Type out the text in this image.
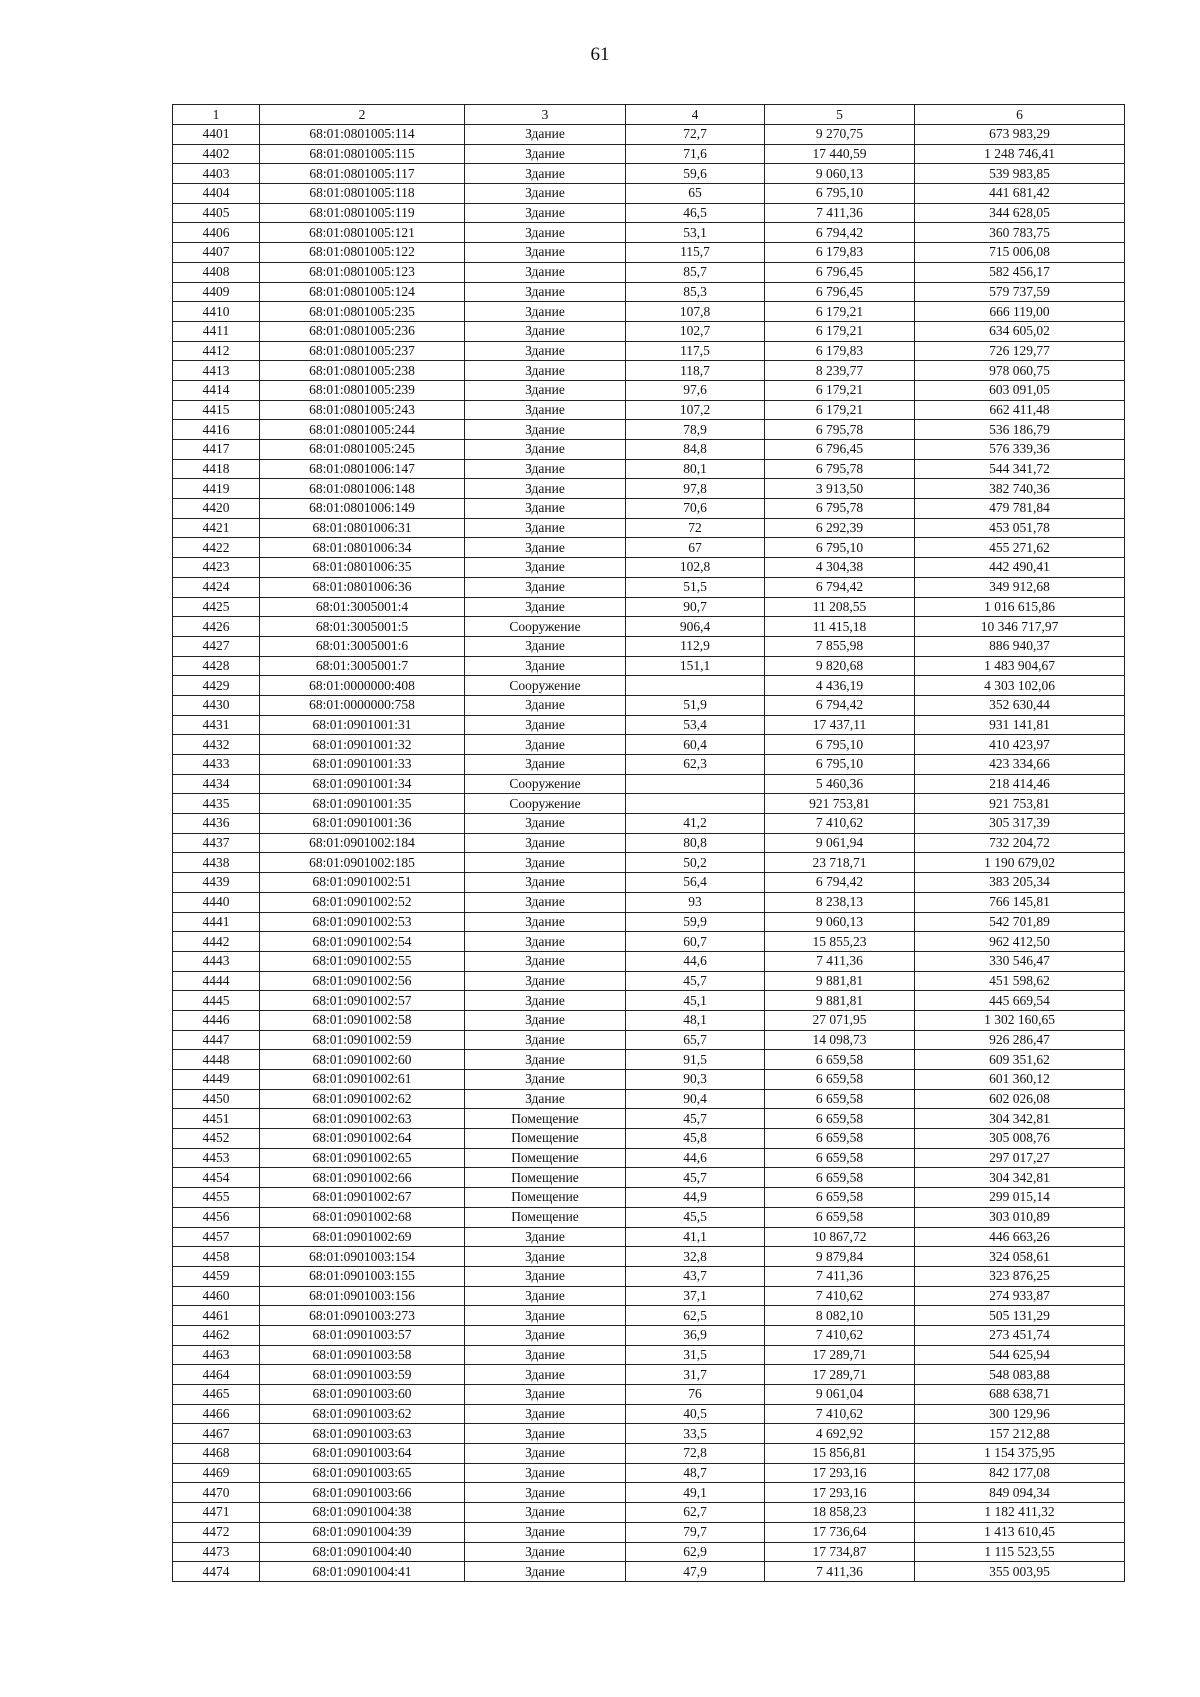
61
1	2	3	4	5	6
4401	68:01:0801005:114	Здание	72,7	9 270,75	673 983,29
4402	68:01:0801005:115	Здание	71,6	17 440,59	1 248 746,41
4403	68:01:0801005:117	Здание	59,6	9 060,13	539 983,85
4404	68:01:0801005:118	Здание	65	6 795,10	441 681,42
4405	68:01:0801005:119	Здание	46,5	7 411,36	344 628,05
4406	68:01:0801005:121	Здание	53,1	6 794,42	360 783,75
4407	68:01:0801005:122	Здание	115,7	6 179,83	715 006,08
4408	68:01:0801005:123	Здание	85,7	6 796,45	582 456,17
4409	68:01:0801005:124	Здание	85,3	6 796,45	579 737,59
4410	68:01:0801005:235	Здание	107,8	6 179,21	666 119,00
4411	68:01:0801005:236	Здание	102,7	6 179,21	634 605,02
4412	68:01:0801005:237	Здание	117,5	6 179,83	726 129,77
4413	68:01:0801005:238	Здание	118,7	8 239,77	978 060,75
4414	68:01:0801005:239	Здание	97,6	6 179,21	603 091,05
4415	68:01:0801005:243	Здание	107,2	6 179,21	662 411,48
4416	68:01:0801005:244	Здание	78,9	6 795,78	536 186,79
4417	68:01:0801005:245	Здание	84,8	6 796,45	576 339,36
4418	68:01:0801006:147	Здание	80,1	6 795,78	544 341,72
4419	68:01:0801006:148	Здание	97,8	3 913,50	382 740,36
4420	68:01:0801006:149	Здание	70,6	6 795,78	479 781,84
4421	68:01:0801006:31	Здание	72	6 292,39	453 051,78
4422	68:01:0801006:34	Здание	67	6 795,10	455 271,62
4423	68:01:0801006:35	Здание	102,8	4 304,38	442 490,41
4424	68:01:0801006:36	Здание	51,5	6 794,42	349 912,68
4425	68:01:3005001:4	Здание	90,7	11 208,55	1 016 615,86
4426	68:01:3005001:5	Сооружение	906,4	11 415,18	10 346 717,97
4427	68:01:3005001:6	Здание	112,9	7 855,98	886 940,37
4428	68:01:3005001:7	Здание	151,1	9 820,68	1 483 904,67
4429	68:01:0000000:408	Сооружение		4 436,19	4 303 102,06
4430	68:01:0000000:758	Здание	51,9	6 794,42	352 630,44
4431	68:01:0901001:31	Здание	53,4	17 437,11	931 141,81
4432	68:01:0901001:32	Здание	60,4	6 795,10	410 423,97
4433	68:01:0901001:33	Здание	62,3	6 795,10	423 334,66
4434	68:01:0901001:34	Сооружение		5 460,36	218 414,46
4435	68:01:0901001:35	Сооружение		921 753,81	921 753,81
4436	68:01:0901001:36	Здание	41,2	7 410,62	305 317,39
4437	68:01:0901002:184	Здание	80,8	9 061,94	732 204,72
4438	68:01:0901002:185	Здание	50,2	23 718,71	1 190 679,02
4439	68:01:0901002:51	Здание	56,4	6 794,42	383 205,34
4440	68:01:0901002:52	Здание	93	8 238,13	766 145,81
4441	68:01:0901002:53	Здание	59,9	9 060,13	542 701,89
4442	68:01:0901002:54	Здание	60,7	15 855,23	962 412,50
4443	68:01:0901002:55	Здание	44,6	7 411,36	330 546,47
4444	68:01:0901002:56	Здание	45,7	9 881,81	451 598,62
4445	68:01:0901002:57	Здание	45,1	9 881,81	445 669,54
4446	68:01:0901002:58	Здание	48,1	27 071,95	1 302 160,65
4447	68:01:0901002:59	Здание	65,7	14 098,73	926 286,47
4448	68:01:0901002:60	Здание	91,5	6 659,58	609 351,62
4449	68:01:0901002:61	Здание	90,3	6 659,58	601 360,12
4450	68:01:0901002:62	Здание	90,4	6 659,58	602 026,08
4451	68:01:0901002:63	Помещение	45,7	6 659,58	304 342,81
4452	68:01:0901002:64	Помещение	45,8	6 659,58	305 008,76
4453	68:01:0901002:65	Помещение	44,6	6 659,58	297 017,27
4454	68:01:0901002:66	Помещение	45,7	6 659,58	304 342,81
4455	68:01:0901002:67	Помещение	44,9	6 659,58	299 015,14
4456	68:01:0901002:68	Помещение	45,5	6 659,58	303 010,89
4457	68:01:0901002:69	Здание	41,1	10 867,72	446 663,26
4458	68:01:0901003:154	Здание	32,8	9 879,84	324 058,61
4459	68:01:0901003:155	Здание	43,7	7 411,36	323 876,25
4460	68:01:0901003:156	Здание	37,1	7 410,62	274 933,87
4461	68:01:0901003:273	Здание	62,5	8 082,10	505 131,29
4462	68:01:0901003:57	Здание	36,9	7 410,62	273 451,74
4463	68:01:0901003:58	Здание	31,5	17 289,71	544 625,94
4464	68:01:0901003:59	Здание	31,7	17 289,71	548 083,88
4465	68:01:0901003:60	Здание	76	9 061,04	688 638,71
4466	68:01:0901003:62	Здание	40,5	7 410,62	300 129,96
4467	68:01:0901003:63	Здание	33,5	4 692,92	157 212,88
4468	68:01:0901003:64	Здание	72,8	15 856,81	1 154 375,95
4469	68:01:0901003:65	Здание	48,7	17 293,16	842 177,08
4470	68:01:0901003:66	Здание	49,1	17 293,16	849 094,34
4471	68:01:0901004:38	Здание	62,7	18 858,23	1 182 411,32
4472	68:01:0901004:39	Здание	79,7	17 736,64	1 413 610,45
4473	68:01:0901004:40	Здание	62,9	17 734,87	1 115 523,55
4474	68:01:0901004:41	Здание	47,9	7 411,36	355 003,95
